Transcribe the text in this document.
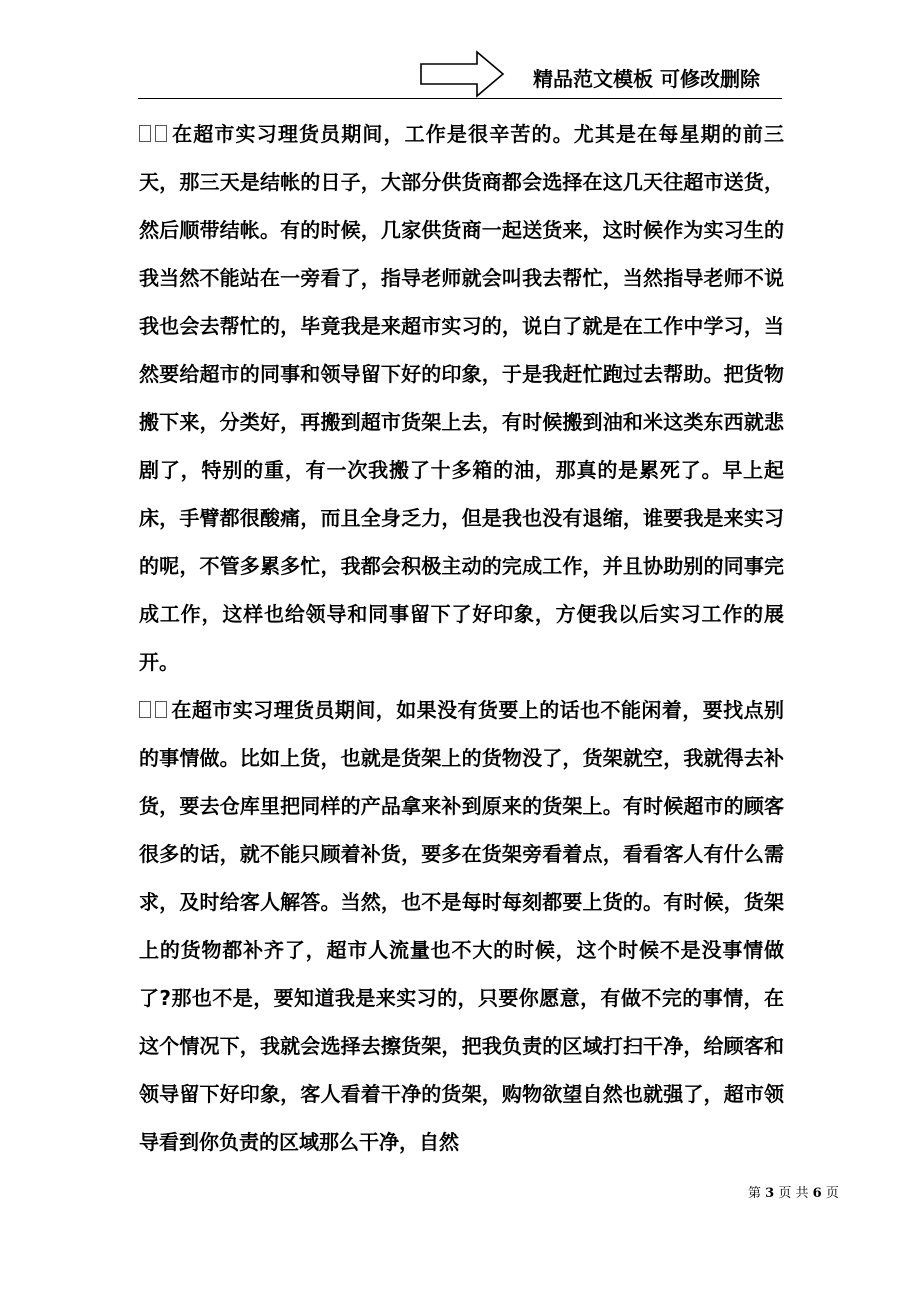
精品范文模板 可修改删除

在超市实习理货员期间，工作是很辛苦的。尤其是在每星期的前三天，那三天是结帐的日子，大部分供货商都会选择在这几天往超市送货，然后顺带结帐。有的时候，几家供货商一起送货来，这时候作为实习生的我当然不能站在一旁看了，指导老师就会叫我去帮忙，当然指导老师不说我也会去帮忙的，毕竟我是来超市实习的，说白了就是在工作中学习，当然要给超市的同事和领导留下好的印象，于是我赶忙跑过去帮助。把货物搬下来，分类好，再搬到超市货架上去，有时候搬到油和米这类东西就悲剧了，特别的重，有一次我搬了十多箱的油，那真的是累死了。早上起床，手臂都很酸痛，而且全身乏力，但是我也没有退缩，谁要我是来实习的呢，不管多累多忙，我都会积极主动的完成工作，并且协助别的同事完成工作，这样也给领导和同事留下了好印象，方便我以后实习工作的展开。

在超市实习理货员期间，如果没有货要上的话也不能闲着，要找点别的事情做。比如上货，也就是货架上的货物没了，货架就空，我就得去补货，要去仓库里把同样的产品拿来补到原来的货架上。有时候超市的顾客很多的话，就不能只顾着补货，要多在货架旁看着点，看看客人有什么需求，及时给客人解答。当然，也不是每时每刻都要上货的。有时候，货架上的货物都补齐了，超市人流量也不大的时候，这个时候不是没事情做了?那也不是，要知道我是来实习的，只要你愿意，有做不完的事情，在这个情况下，我就会选择去擦货架，把我负责的区域打扫干净，给顾客和领导留下好印象，客人看着干净的货架，购物欲望自然也就强了，超市领导看到你负责的区域那么干净，自然

第 3 页 共 6 页
